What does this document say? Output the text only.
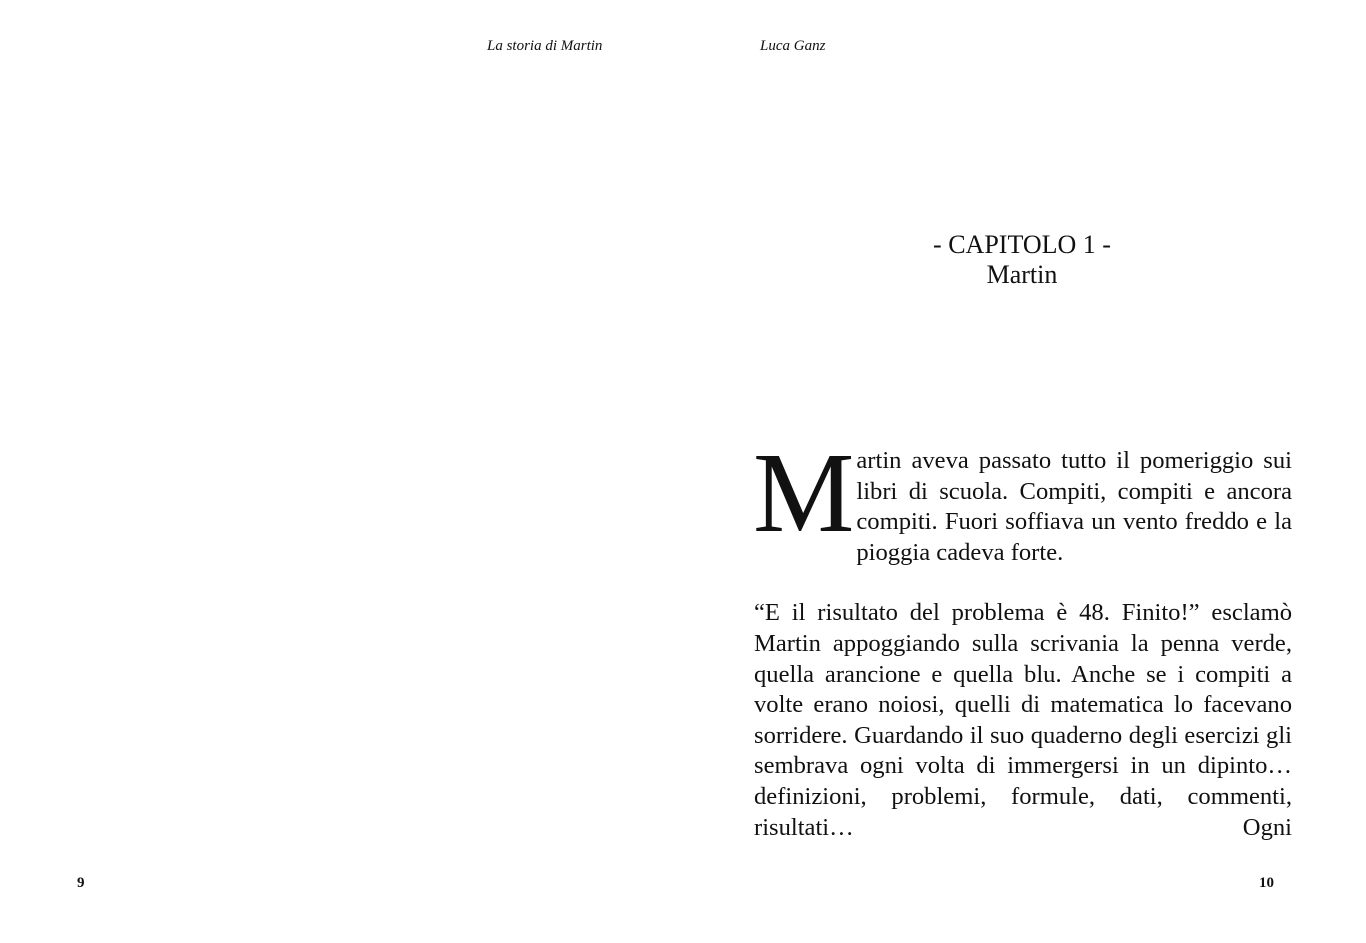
La storia di Martin
9
Luca Ganz
- CAPITOLO 1 -
Martin

Martin aveva passato tutto il pomeriggio sui libri di scuola. Compiti, compiti e ancora compiti. Fuori soffiava un vento freddo e la pioggia cadeva forte.

“E il risultato del problema è 48. Finito!” esclamò Martin appoggiando sulla scrivania la penna verde, quella arancione e quella blu. Anche se i compiti a volte erano noiosi, quelli di matematica lo facevano sorridere. Guardando il suo quaderno degli esercizi gli sembrava ogni volta di immergersi in un dipinto… definizioni, problemi, formule, dati, commenti, risultati… Ogni

10
